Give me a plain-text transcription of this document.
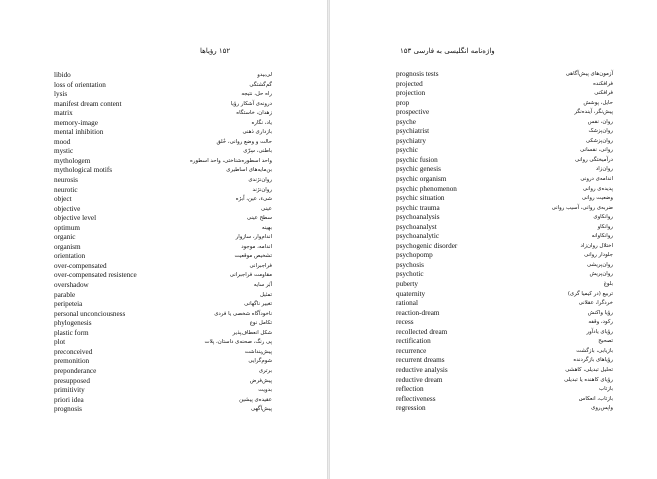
۱۵۲ رؤیاها
libido	لی‌بیدو
loss of orientation	گم‌گشتگی
lysis	راه حل، نتیجه
manifest dream content	درونه‌ی آشکار رؤیا
matrix	زهدان، خاستگاه
memory-image	یاد، نگاره
mental inhibition	بازداری ذهنی
mood	حالت و وضع روانی، خُلق
mystic	باطنی، سِرّی
mythologem	واحد اسطوره‌شناختی، واحد اسطوره
mythological motifs	بن‌مایه‌های اساطیری
neurosis	روان‌نژندی
neurotic	روان‌نژند
object	شیء، عین، اُبژه
objective	عینی
objective level	سطح عینی
optimum	بهینه
organic	اندام‌وار، سازوار
organism	اندامه، موجود
orientation	تشخیص موقعیت
over-compensated	فراجبرانی
over-compensated resistence	مقاومت فراجبرانی
overshadow	اَبَر سایه
parable	تمثیل
peripeteia	تغییر ناگهانی
personal unconciousness	ناخودآگاه شخصی یا فردی
phylogenesis	تکامل نوع
plastic form	شکل انعطاف‌پذیر
plot	پی رنگ، صحنه‌ی داستان، پلات
preconceived	پیش‌پنداشت
premonition	شوم‌گرایی
preponderance	برتری
presupposed	پیش‌فرض
primitivity	بدویت
priori idea	عقیده‌ی پیشین
prognosis	پیش‌آگهی
واژه‌نامه انگلیسی به فارسی ۱۵۳
prognosis tests	آزمون‌های پیش‌آگاهی
projected	فرافکنده
projection	فرافکنی
prop	حایل، پوشش
prospective	پیش‌نگر، آینده‌نگر
psyche	روان، نفس
psychiatrist	روان‌پزشک
psychiatry	روان‌پزشکی
psychic	روانی، نفسانی
psychic fusion	درآمیختگی روانی
psychic genesis	روان‌زاد
psychic organism	اندامه‌ی درونی
psychic phenomenon	پدیده‌ی روانی
psychic situation	وضعیت روانی
psychic trauma	ضربه‌ی روانی، آسیب روانی
psychoanalysis	روانکاوی
psychoanalyst	روانکاو
psychoanalytic	روانکاوانه
psychogenic disorder	اختلال روان‌زاد
psychopomp	جلودار روانی
psychosis	روان‌پریشی
psychotic	روان‌پریش
puberty	بلوغ
quaternity	تربیع (در کیمیا گری)
rational	خردگرا، عقلانی
reaction-dream	رؤیا واکنش
recess	رکود، وقفه
recollected dream	رؤیای یادآور
rectification	تصحیح
recurrence	بازیابی، بازگشت
recurrent dreams	رؤیاهای بازگردنده
reductive analysis	تحلیل تبدیلی، کاهشی
reductive dream	رؤیای کاهنده یا تبدیلی
reflection	بازتاب
reflectiveness	بازتاب، انعکاس
regression	واپس‌روی
